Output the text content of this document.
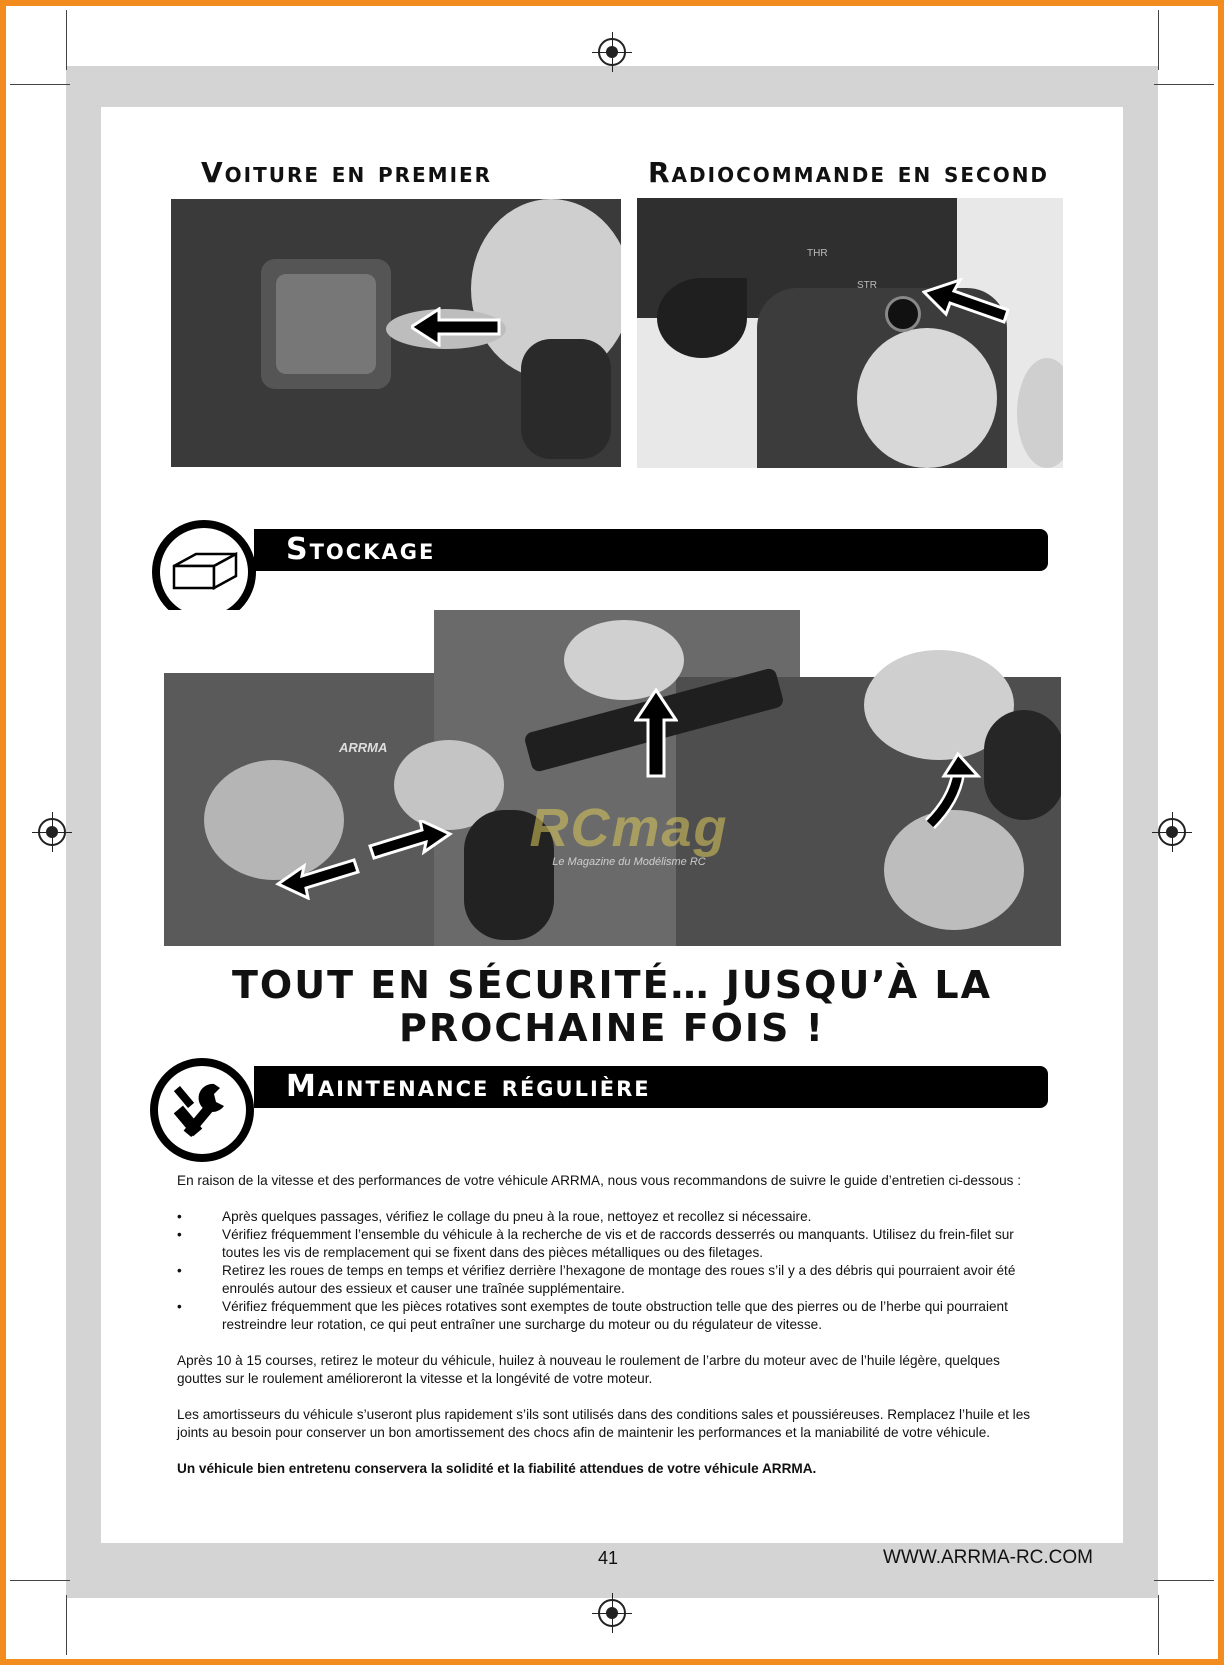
Voiture en premier	Radiocommande en second
THR
STR
Stockage
ARRMA
RCmag
Le Magazine du Modélisme RC
TOUT EN SÉCURITÉ… JUSQU’À LA
PROCHAINE FOIS !
Maintenance régulière

En raison de la vitesse et des performances de votre véhicule ARRMA, nous vous recommandons de suivre le guide d’entretien ci-dessous :

• Après quelques passages, vérifiez le collage du pneu à la roue, nettoyez et recollez si nécessaire.
• Vérifiez fréquemment l’ensemble du véhicule à la recherche de vis et de raccords desserrés ou manquants. Utilisez du frein-filet sur toutes les vis de remplacement qui se fixent dans des pièces métalliques ou des filetages.
• Retirez les roues de temps en temps et vérifiez derrière l’hexagone de montage des roues s’il y a des débris qui pourraient avoir été enroulés autour des essieux et causer une traînée supplémentaire.
• Vérifiez fréquemment que les pièces rotatives sont exemptes de toute obstruction telle que des pierres ou de l’herbe qui pourraient restreindre leur rotation, ce qui peut entraîner une surcharge du moteur ou du régulateur de vitesse.

Après 10 à 15 courses, retirez le moteur du véhicule, huilez à nouveau le roulement de l’arbre du moteur avec de l’huile légère, quelques gouttes sur le roulement amélioreront la vitesse et la longévité de votre moteur.

Les amortisseurs du véhicule s’useront plus rapidement s’ils sont utilisés dans des conditions sales et poussiéreuses. Remplacez l’huile et les joints au besoin pour conserver un bon amortissement des chocs afin de maintenir les performances et la maniabilité de votre véhicule.

Un véhicule bien entretenu conservera la solidité et la fiabilité attendues de votre véhicule ARRMA.

41	WWW.ARRMA-RC.COM
